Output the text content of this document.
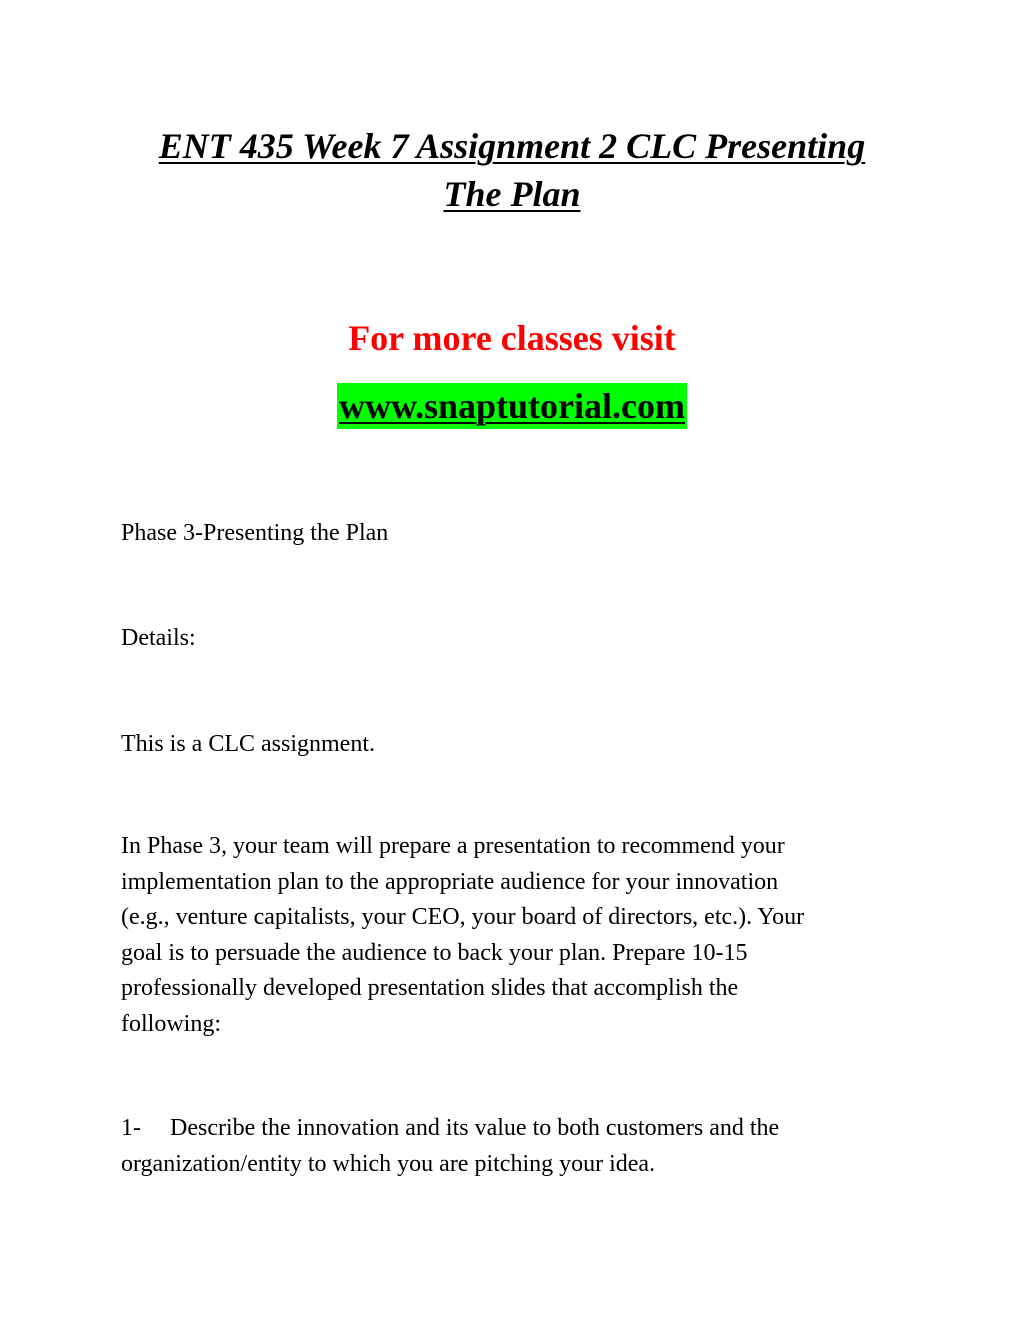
ENT 435 Week 7 Assignment 2 CLC Presenting
The Plan

For more classes visit

www.snaptutorial.com

Phase 3-Presenting the Plan

Details:

This is a CLC assignment.

In Phase 3, your team will prepare a presentation to recommend your
implementation plan to the appropriate audience for your innovation
(e.g., venture capitalists, your CEO, your board of directors, etc.). Your
goal is to persuade the audience to back your plan. Prepare 10-15
professionally developed presentation slides that accomplish the
following:

1- Describe the innovation and its value to both customers and the
organization/entity to which you are pitching your idea.
